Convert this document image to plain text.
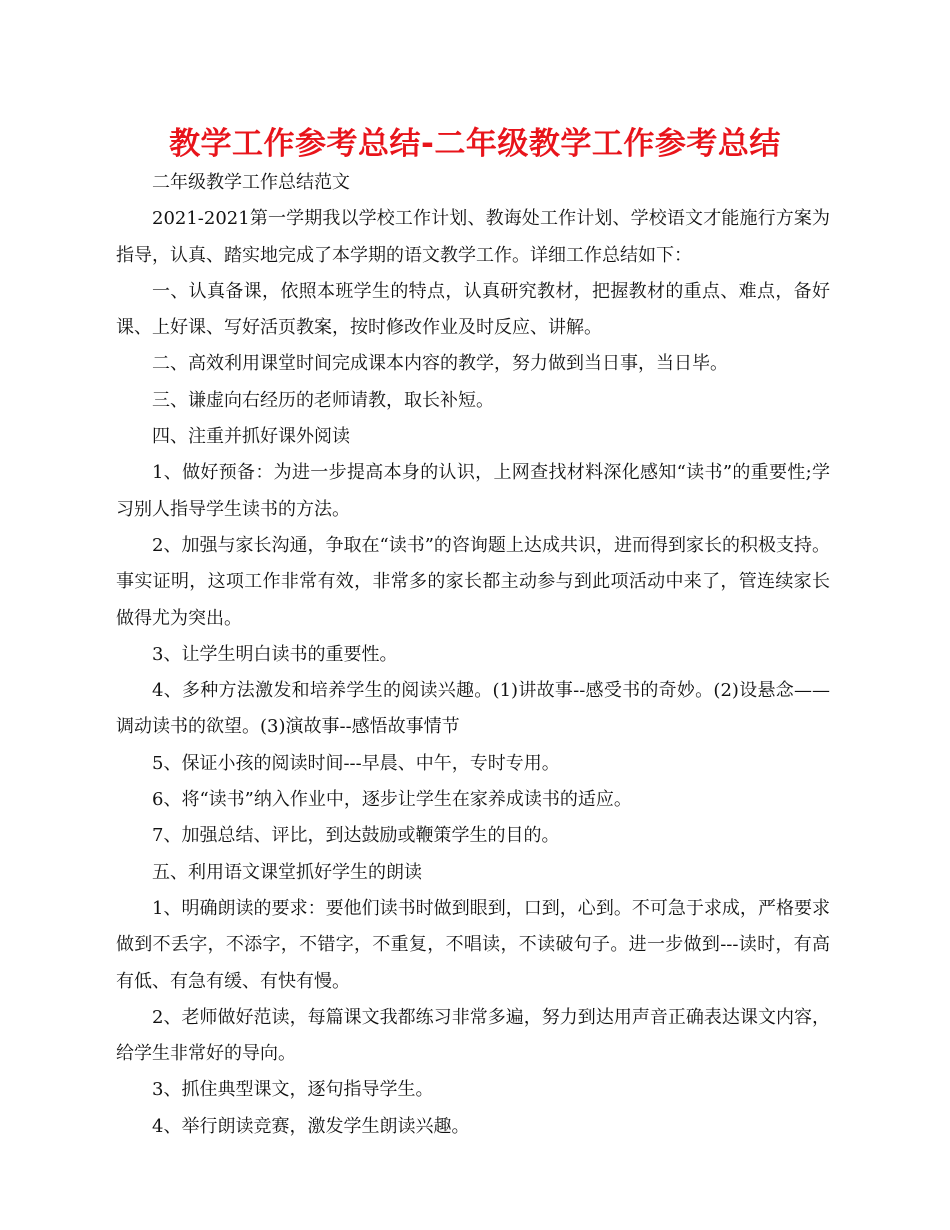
教学工作参考总结-二年级教学工作参考总结

二年级教学工作总结范文

2021-2021第一学期我以学校工作计划、教诲处工作计划、学校语文才能施行方案为指导，认真、踏实地完成了本学期的语文教学工作。详细工作总结如下：

一、认真备课，依照本班学生的特点，认真研究教材，把握教材的重点、难点，备好课、上好课、写好活页教案，按时修改作业及时反应、讲解。

二、高效利用课堂时间完成课本内容的教学，努力做到当日事，当日毕。

三、谦虚向右经历的老师请教，取长补短。

四、注重并抓好课外阅读

1、做好预备：为进一步提高本身的认识，上网查找材料深化感知“读书”的重要性;学习别人指导学生读书的方法。

2、加强与家长沟通，争取在“读书”的咨询题上达成共识，进而得到家长的积极支持。事实证明，这项工作非常有效，非常多的家长都主动参与到此项活动中来了，管连续家长做得尤为突出。

3、让学生明白读书的重要性。

4、多种方法激发和培养学生的阅读兴趣。(1)讲故事--感受书的奇妙。(2)设悬念——调动读书的欲望。(3)演故事--感悟故事情节

5、保证小孩的阅读时间---早晨、中午，专时专用。

6、将“读书”纳入作业中，逐步让学生在家养成读书的适应。

7、加强总结、评比，到达鼓励或鞭策学生的目的。

五、利用语文课堂抓好学生的朗读

1、明确朗读的要求：要他们读书时做到眼到，口到，心到。不可急于求成，严格要求做到不丢字，不添字，不错字，不重复，不唱读，不读破句子。进一步做到---读时，有高有低、有急有缓、有快有慢。

2、老师做好范读，每篇课文我都练习非常多遍，努力到达用声音正确表达课文内容，给学生非常好的导向。

3、抓住典型课文，逐句指导学生。

4、举行朗读竞赛，激发学生朗读兴趣。
